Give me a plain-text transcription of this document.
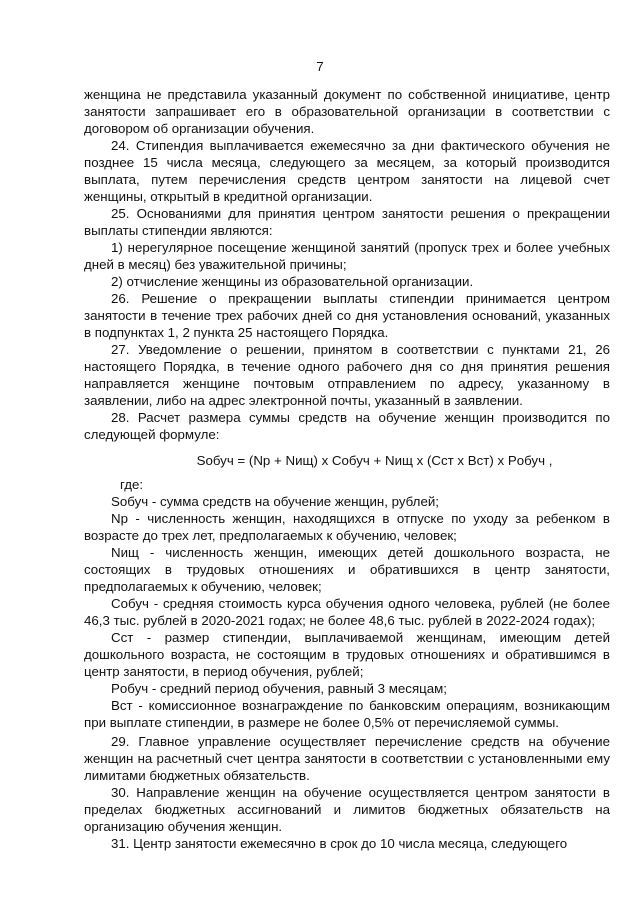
7

женщина не представила указанный документ по собственной инициативе, центр занятости запрашивает его в образовательной организации в соответствии с договором об организации обучения.

24. Стипендия выплачивается ежемесячно за дни фактического обучения не позднее 15 числа месяца, следующего за месяцем, за который производится выплата, путем перечисления средств центром занятости на лицевой счет женщины, открытый в кредитной организации.

25. Основаниями для принятия центром занятости решения о прекращении выплаты стипендии являются:

1) нерегулярное посещение женщиной занятий (пропуск трех и более учебных дней в месяц) без уважительной причины;

2) отчисление женщины из образовательной организации.

26. Решение о прекращении выплаты стипендии принимается центром занятости в течение трех рабочих дней со дня установления оснований, указанных в подпунктах 1, 2 пункта 25 настоящего Порядка.

27. Уведомление о решении, принятом в соответствии с пунктами 21, 26 настоящего Порядка, в течение одного рабочего дня со дня принятия решения направляется женщине почтовым отправлением по адресу, указанному в заявлении, либо на адрес электронной почты, указанный в заявлении.

28. Расчет размера суммы средств на обучение женщин производится по следующей формуле:

Sобуч = (Nр + Nищ) x Cобуч + Nищ x (Cст x Bст) x Pобуч ,

где:

Sобуч - сумма средств на обучение женщин, рублей;

Nр - численность женщин, находящихся в отпуске по уходу за ребенком в возрасте до трех лет, предполагаемых к обучению, человек;

Nищ - численность женщин, имеющих детей дошкольного возраста, не состоящих в трудовых отношениях и обратившихся в центр занятости, предполагаемых к обучению, человек;

Cобуч - средняя стоимость курса обучения одного человека, рублей (не более 46,3 тыс. рублей в 2020-2021 годах; не более 48,6 тыс. рублей в 2022-2024 годах);

Cст - размер стипендии, выплачиваемой женщинам, имеющим детей дошкольного возраста, не состоящим в трудовых отношениях и обратившимся в центр занятости, в период обучения, рублей;

Pобуч - средний период обучения, равный 3 месяцам;

Bст - комиссионное вознаграждение по банковским операциям, возникающим при выплате стипендии, в размере не более 0,5% от перечисляемой суммы.

29. Главное управление осуществляет перечисление средств на обучение женщин на расчетный счет центра занятости в соответствии с установленными ему лимитами бюджетных обязательств.

30. Направление женщин на обучение осуществляется центром занятости в пределах бюджетных ассигнований и лимитов бюджетных обязательств на организацию обучения женщин.

31. Центр занятости ежемесячно в срок до 10 числа месяца, следующего
